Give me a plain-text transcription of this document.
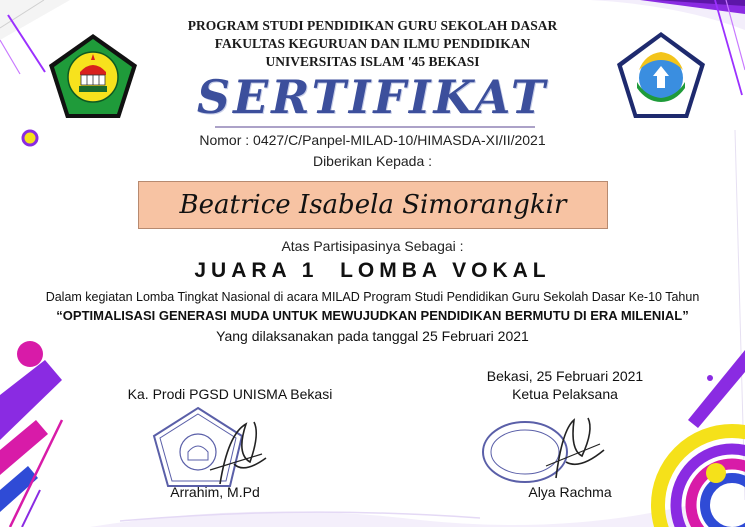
PROGRAM STUDI PENDIDIKAN GURU SEKOLAH DASAR
FAKULTAS KEGURUAN DAN ILMU PENDIDIKAN
UNIVERSITAS ISLAM '45 BEKASI
SERTIFIKAT
Nomor : 0427/C/Panpel-MILAD-10/HIMASDA-XI/II/2021
Diberikan Kepada :
Beatrice Isabela Simorangkir
Atas Partisipasinya Sebagai :
JUARA 1  LOMBA VOKAL
Dalam kegiatan Lomba Tingkat Nasional di acara MILAD Program Studi Pendidikan Guru Sekolah Dasar Ke-10 Tahun
“OPTIMALISASI GENERASI MUDA UNTUK MEWUJUDKAN PENDIDIKAN BERMUTU DI ERA MILENIAL”
Yang dilaksanakan pada tanggal 25 Februari 2021
Ka. Prodi PGSD UNISMA Bekasi
Arrahim, M.Pd
Bekasi, 25 Februari 2021
Ketua Pelaksana
Alya Rachma
